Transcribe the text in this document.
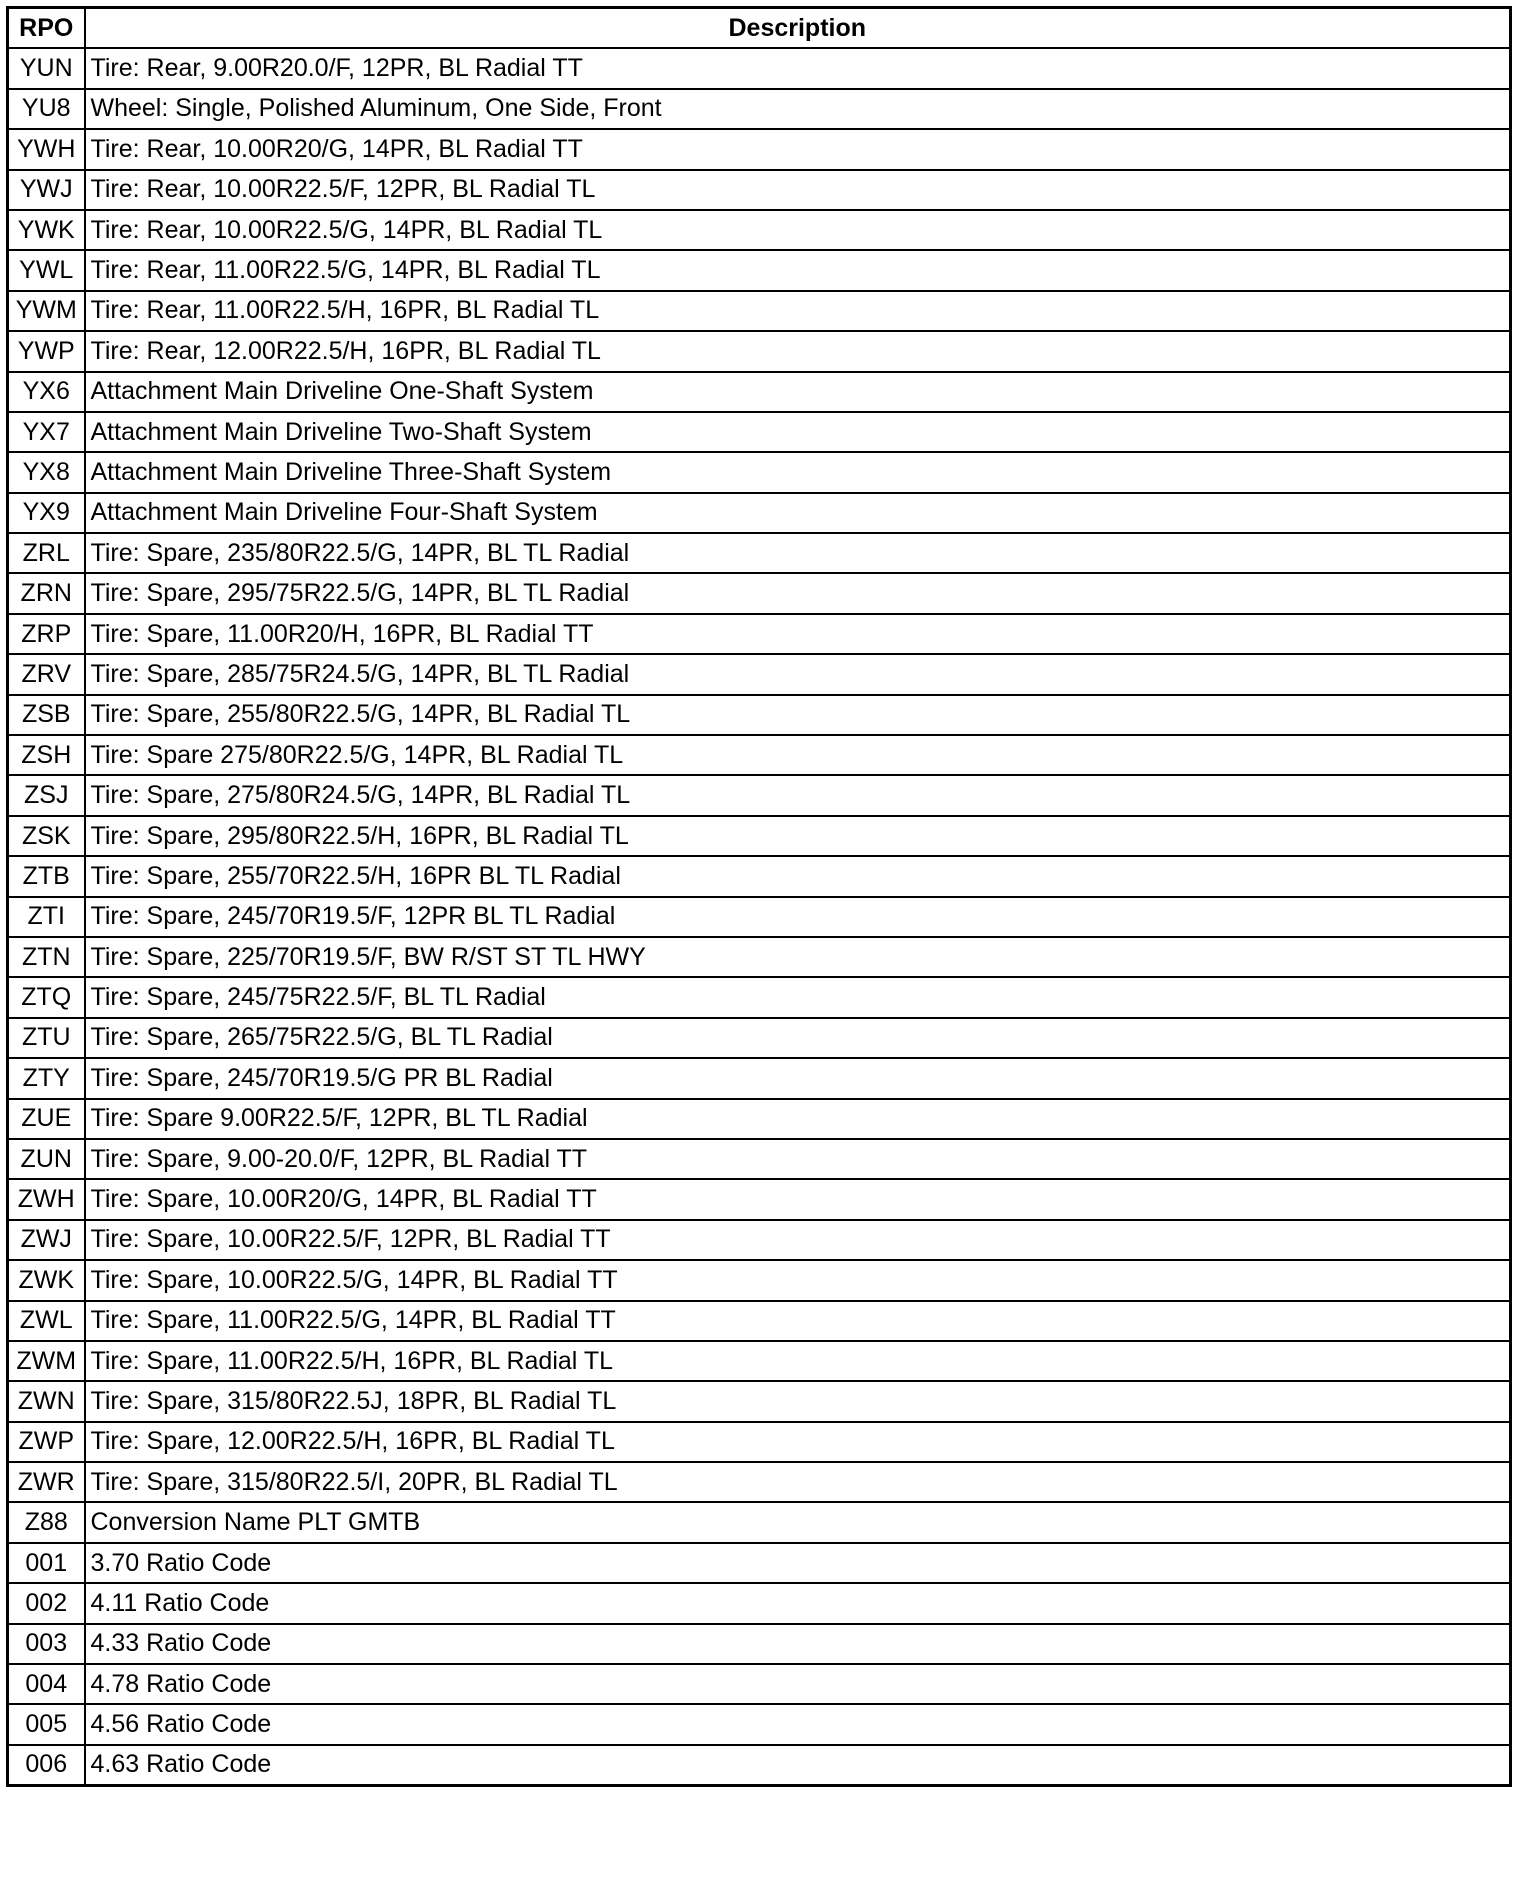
RPO	Description
YUN	Tire: Rear, 9.00R20.0/F, 12PR, BL Radial TT
YU8	Wheel: Single, Polished Aluminum, One Side, Front
YWH	Tire: Rear, 10.00R20/G, 14PR, BL Radial TT
YWJ	Tire: Rear, 10.00R22.5/F, 12PR, BL Radial TL
YWK	Tire: Rear, 10.00R22.5/G, 14PR, BL Radial TL
YWL	Tire: Rear, 11.00R22.5/G, 14PR, BL Radial TL
YWM	Tire: Rear, 11.00R22.5/H, 16PR, BL Radial TL
YWP	Tire: Rear, 12.00R22.5/H, 16PR, BL Radial TL
YX6	Attachment Main Driveline One-Shaft System
YX7	Attachment Main Driveline Two-Shaft System
YX8	Attachment Main Driveline Three-Shaft System
YX9	Attachment Main Driveline Four-Shaft System
ZRL	Tire: Spare, 235/80R22.5/G, 14PR, BL TL Radial
ZRN	Tire: Spare, 295/75R22.5/G, 14PR, BL TL Radial
ZRP	Tire: Spare, 11.00R20/H, 16PR, BL Radial TT
ZRV	Tire: Spare, 285/75R24.5/G, 14PR, BL TL Radial
ZSB	Tire: Spare, 255/80R22.5/G, 14PR, BL Radial TL
ZSH	Tire: Spare 275/80R22.5/G, 14PR, BL Radial TL
ZSJ	Tire: Spare, 275/80R24.5/G, 14PR, BL Radial TL
ZSK	Tire: Spare, 295/80R22.5/H, 16PR, BL Radial TL
ZTB	Tire: Spare, 255/70R22.5/H, 16PR BL TL Radial
ZTI	Tire: Spare, 245/70R19.5/F, 12PR BL TL Radial
ZTN	Tire: Spare, 225/70R19.5/F, BW R/ST ST TL HWY
ZTQ	Tire: Spare, 245/75R22.5/F, BL TL Radial
ZTU	Tire: Spare, 265/75R22.5/G, BL TL Radial
ZTY	Tire: Spare, 245/70R19.5/G PR BL Radial
ZUE	Tire: Spare 9.00R22.5/F, 12PR, BL TL Radial
ZUN	Tire: Spare, 9.00-20.0/F, 12PR, BL Radial TT
ZWH	Tire: Spare, 10.00R20/G, 14PR, BL Radial TT
ZWJ	Tire: Spare, 10.00R22.5/F, 12PR, BL Radial TT
ZWK	Tire: Spare, 10.00R22.5/G, 14PR, BL Radial TT
ZWL	Tire: Spare, 11.00R22.5/G, 14PR, BL Radial TT
ZWM	Tire: Spare, 11.00R22.5/H, 16PR, BL Radial TL
ZWN	Tire: Spare, 315/80R22.5J, 18PR, BL Radial TL
ZWP	Tire: Spare, 12.00R22.5/H, 16PR, BL Radial TL
ZWR	Tire: Spare, 315/80R22.5/I, 20PR, BL Radial TL
Z88	Conversion Name PLT GMTB
001	3.70 Ratio Code
002	4.11 Ratio Code
003	4.33 Ratio Code
004	4.78 Ratio Code
005	4.56 Ratio Code
006	4.63 Ratio Code
